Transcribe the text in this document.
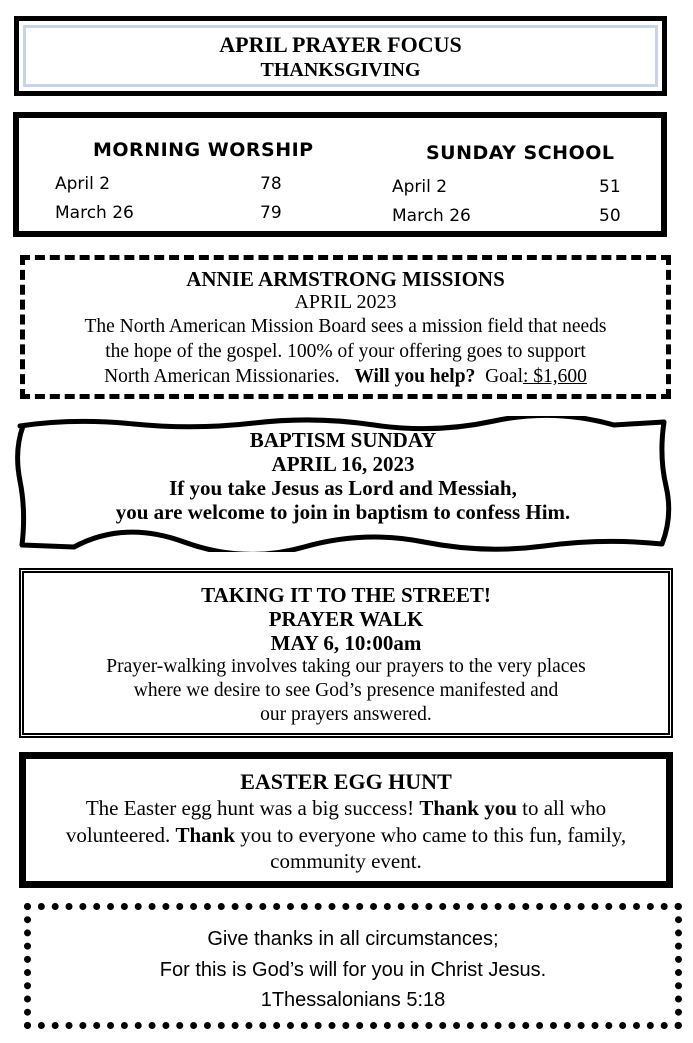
APRIL PRAYER FOCUS
THANKSGIVING
MORNING WORSHIP
April 2	78
March 26	79
SUNDAY SCHOOL
April 2	51
March 26	50
ANNIE ARMSTRONG MISSIONS
APRIL 2023
The North American Mission Board sees a mission field that needs
the hope of the gospel. 100% of your offering goes to support
North American Missionaries. Will you help? Goal: $1,600
BAPTISM SUNDAY
APRIL 16, 2023
If you take Jesus as Lord and Messiah,
you are welcome to join in baptism to confess Him.
TAKING IT TO THE STREET!
PRAYER WALK
MAY 6, 10:00am
Prayer-walking involves taking our prayers to the very places
where we desire to see God’s presence manifested and
our prayers answered.
EASTER EGG HUNT
The Easter egg hunt was a big success! Thank you to all who volunteered. Thank you to everyone who came to this fun, family, community event.
Give thanks in all circumstances;
For this is God’s will for you in Christ Jesus.
1Thessalonians 5:18
